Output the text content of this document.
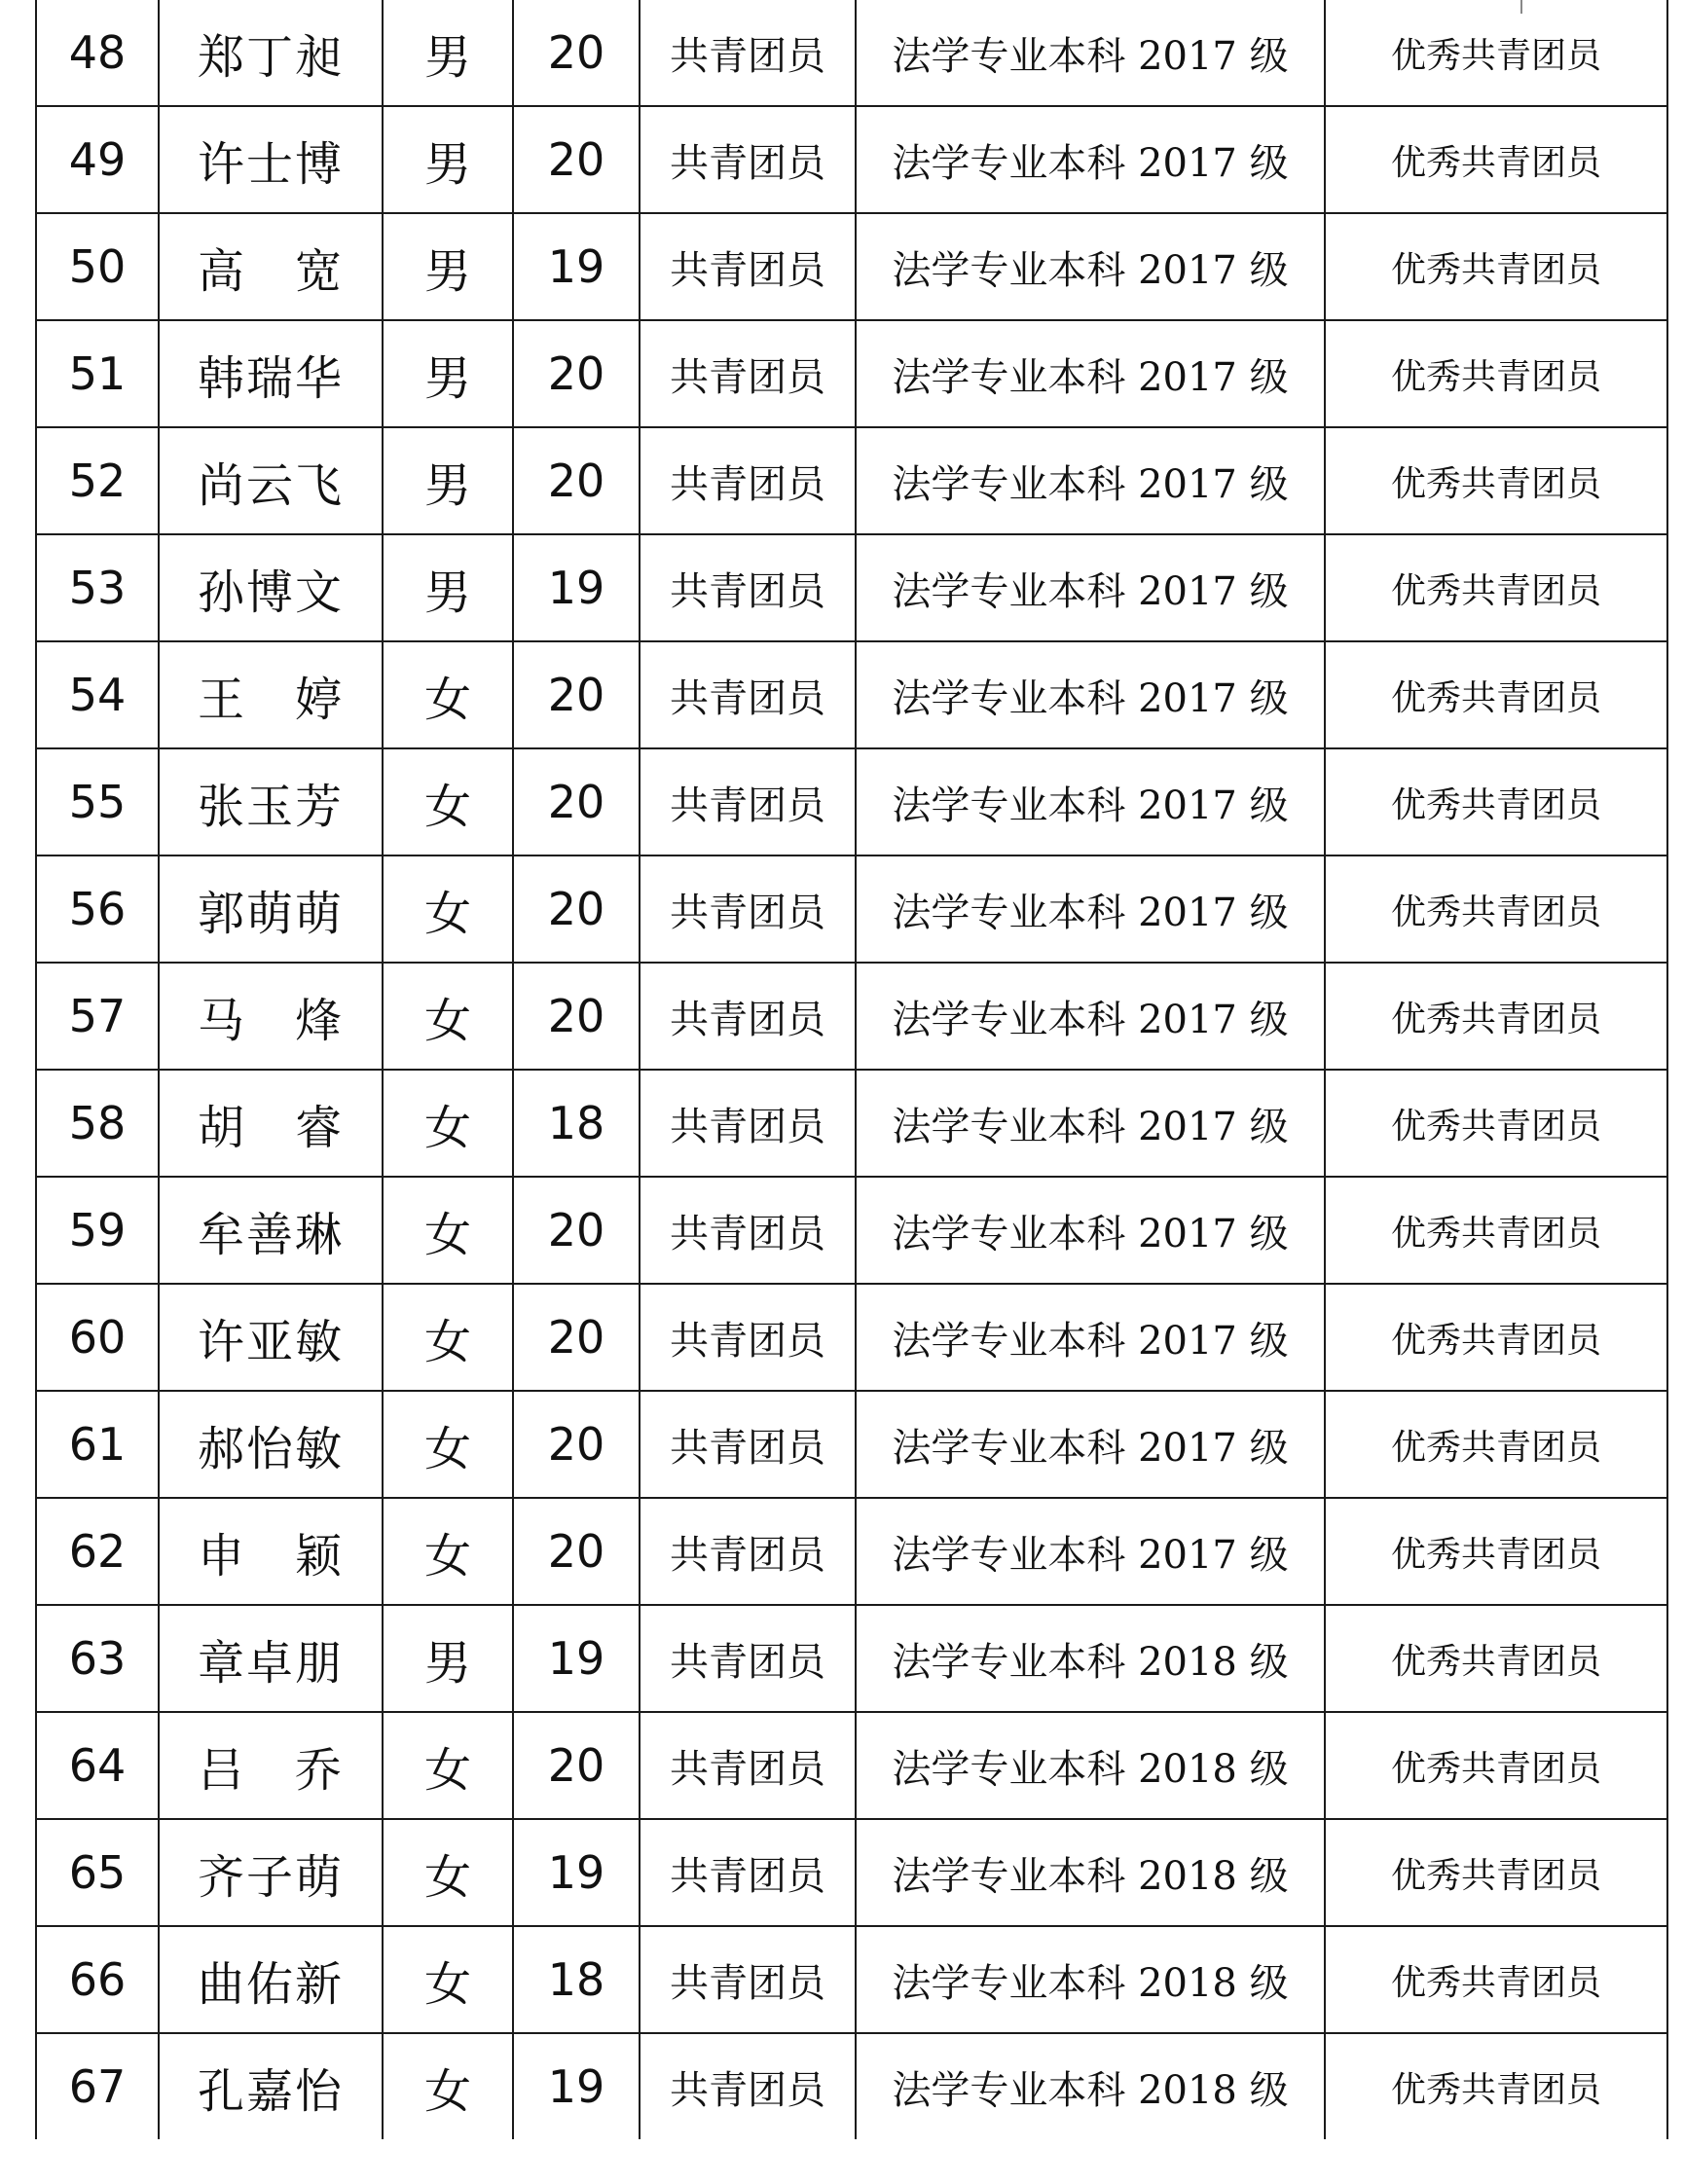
48	郑丁昶	男	20	共青团员	法学专业本科 2017 级	优秀共青团员
49	许士博	男	20	共青团员	法学专业本科 2017 级	优秀共青团员
50	高　宽	男	19	共青团员	法学专业本科 2017 级	优秀共青团员
51	韩瑞华	男	20	共青团员	法学专业本科 2017 级	优秀共青团员
52	尚云飞	男	20	共青团员	法学专业本科 2017 级	优秀共青团员
53	孙博文	男	19	共青团员	法学专业本科 2017 级	优秀共青团员
54	王　婷	女	20	共青团员	法学专业本科 2017 级	优秀共青团员
55	张玉芳	女	20	共青团员	法学专业本科 2017 级	优秀共青团员
56	郭萌萌	女	20	共青团员	法学专业本科 2017 级	优秀共青团员
57	马　烽	女	20	共青团员	法学专业本科 2017 级	优秀共青团员
58	胡　睿	女	18	共青团员	法学专业本科 2017 级	优秀共青团员
59	牟善琳	女	20	共青团员	法学专业本科 2017 级	优秀共青团员
60	许亚敏	女	20	共青团员	法学专业本科 2017 级	优秀共青团员
61	郝怡敏	女	20	共青团员	法学专业本科 2017 级	优秀共青团员
62	申　颖	女	20	共青团员	法学专业本科 2017 级	优秀共青团员
63	章卓朋	男	19	共青团员	法学专业本科 2018 级	优秀共青团员
64	吕　乔	女	20	共青团员	法学专业本科 2018 级	优秀共青团员
65	齐子萌	女	19	共青团员	法学专业本科 2018 级	优秀共青团员
66	曲佑新	女	18	共青团员	法学专业本科 2018 级	优秀共青团员
67	孔嘉怡	女	19	共青团员	法学专业本科 2018 级	优秀共青团员
